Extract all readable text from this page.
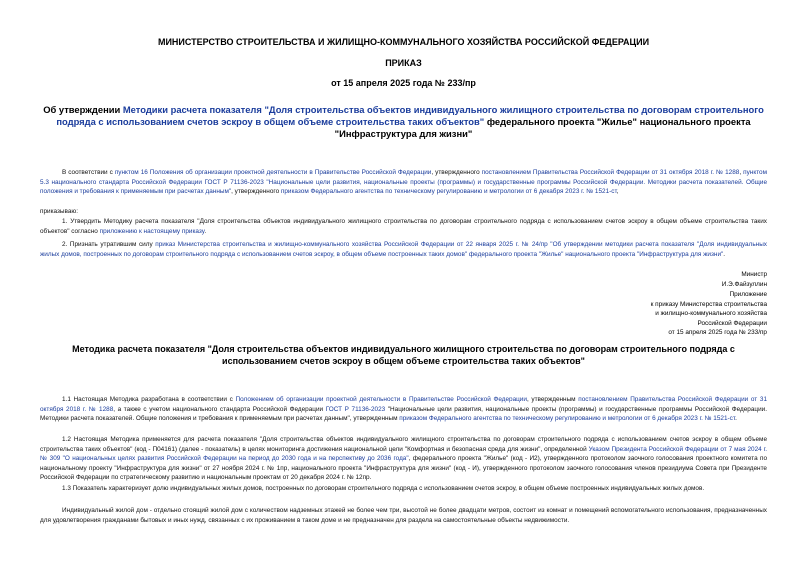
МИНИСТЕРСТВО СТРОИТЕЛЬСТВА И ЖИЛИЩНО-КОММУНАЛЬНОГО ХОЗЯЙСТВА РОССИЙСКОЙ ФЕДЕРАЦИИ
ПРИКАЗ
от 15 апреля 2025 года № 233/пр
Об утверждении Методики расчета показателя "Доля строительства объектов индивидуального жилищного строительства по договорам строительного подряда с использованием счетов эскроу в общем объеме строительства таких объектов" федерального проекта "Жилье" национального проекта "Инфраструктура для жизни"
В соответствии с пунктом 16 Положения об организации проектной деятельности в Правительстве Российской Федерации, утвержденного постановлением Правительства Российской Федерации от 31 октября 2018 г. № 1288, пунктом 5.3 национального стандарта Российской Федерации ГОСТ Р 71136-2023 "Национальные цели развития, национальные проекты (программы) и государственные программы Российской Федерации. Методики расчета показателей. Общие положения и требования к применяемым при расчетах данным", утвержденного приказом Федерального агентства по техническому регулированию и метрологии от 6 декабря 2023 г. № 1521-ст,
приказываю:
1. Утвердить Методику расчета показателя "Доля строительства объектов индивидуального жилищного строительства по договорам строительного подряда с использованием счетов эскроу в общем объеме строительства таких объектов" согласно приложению к настоящему приказу.
2. Признать утратившим силу приказ Министерства строительства и жилищно-коммунального хозяйства Российской Федерации от 22 января 2025 г. № 24/пр "Об утверждении методики расчета показателя "Доля индивидуальных жилых домов, построенных по договорам строительного подряда с использованием счетов эскроу, в общем объеме построенных таких домов" федерального проекта "Жилье" национального проекта "Инфраструктура для жизни".

Министр

И.Э.Файзуллин

Приложение

к приказу Министерства строительства

и жилищно-коммунального хозяйства

Российской Федерации

от 15 апреля 2025 года № 233/пр

Методика расчета показателя "Доля строительства объектов индивидуального жилищного строительства по договорам строительного подряда с использованием счетов эскроу в общем объеме строительства таких объектов"
1.1 Настоящая Методика разработана в соответствии с Положением об организации проектной деятельности в Правительстве Российской Федерации, утвержденным постановлением Правительства Российской Федерации от 31 октября 2018 г. № 1288, а также с учетом национального стандарта Российской Федерации ГОСТ Р 71136-2023 "Национальные цели развития, национальные проекты (программы) и государственные программы Российской Федерации. Методики расчета показателей. Общие положения и требования к применяемым при расчетах данным", утвержденным приказом Федерального агентства по техническому регулированию и метрологии от 6 декабря 2023 г. № 1521-ст.
1.2 Настоящая Методика применяется для расчета показателя "Доля строительства объектов индивидуального жилищного строительства по договорам строительного подряда с использованием счетов эскроу в общем объеме строительства таких объектов" (код - П04161) (далее - показатель) в целях мониторинга достижения национальной цели "Комфортная и безопасная среда для жизни", определенной Указом Президента Российской Федерации от 7 мая 2024 г. № 309 "О национальных целях развития Российской Федерации на период до 2030 года и на перспективу до 2036 года", федерального проекта "Жилье" (код - И2), утвержденного протоколом заочного голосования проектного комитета по национальному проекту "Инфраструктура для жизни" от 27 ноября 2024 г. № 1пр, национального проекта "Инфраструктура для жизни" (код - И), утвержденного протоколом заочного голосования членов президиума Совета при Президенте Российской Федерации по стратегическому развитию и национальным проектам от 20 декабря 2024 г. № 12пр.
1.3 Показатель характеризует долю индивидуальных жилых домов, построенных по договорам строительного подряда с использованием счетов эскроу, в общем объеме построенных индивидуальных жилых домов.
Индивидуальный жилой дом - отдельно стоящий жилой дом с количеством надземных этажей не более чем три, высотой не более двадцати метров, состоит из комнат и помещений вспомогательного использования, предназначенных для удовлетворения гражданами бытовых и иных нужд, связанных с их проживанием в таком доме и не предназначен для раздела на самостоятельные объекты недвижимости.
